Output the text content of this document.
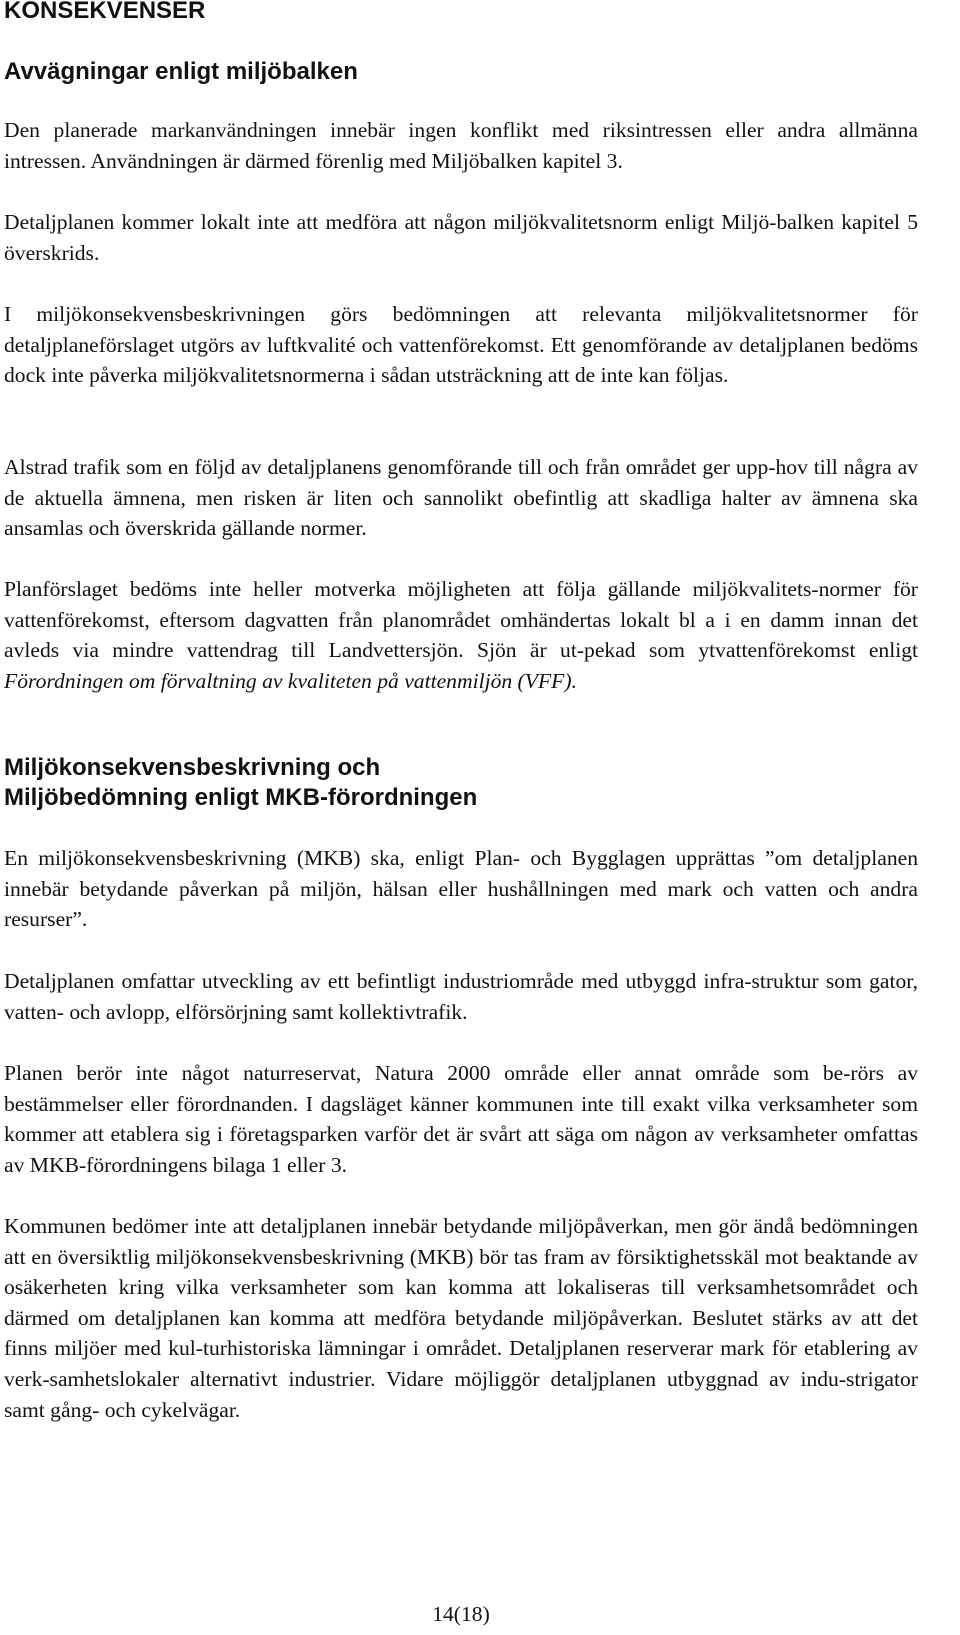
KONSEKVENSER
Avvägningar enligt miljöbalken

Den planerade markanvändningen innebär ingen konflikt med riksintressen eller andra allmänna intressen. Användningen är därmed förenlig med Miljöbalken kapitel 3.

Detaljplanen kommer lokalt inte att medföra att någon miljökvalitetsnorm enligt Miljö-balken kapitel 5 överskrids.

I miljökonsekvensbeskrivningen görs bedömningen att relevanta miljökvalitetsnormer för detaljplaneförslaget utgörs av luftkvalité och vattenförekomst. Ett genomförande av detaljplanen bedöms dock inte påverka miljökvalitetsnormerna i sådan utsträckning att de inte kan följas.

Alstrad trafik som en följd av detaljplanens genomförande till och från området ger upp-hov till några av de aktuella ämnena, men risken är liten och sannolikt obefintlig att skadliga halter av ämnena ska ansamlas och överskrida gällande normer.

Planförslaget bedöms inte heller motverka möjligheten att följa gällande miljökvalitets-normer för vattenförekomst, eftersom dagvatten från planområdet omhändertas lokalt bl a i en damm innan det avleds via mindre vattendrag till Landvettersjön. Sjön är ut-pekad som ytvattenförekomst enligt Förordningen om förvaltning av kvaliteten på vattenmiljön (VFF).

Miljökonsekvensbeskrivning och
Miljöbedömning enligt MKB-förordningen

En miljökonsekvensbeskrivning (MKB) ska, enligt Plan- och Bygglagen upprättas ”om detaljplanen innebär betydande påverkan på miljön, hälsan eller hushållningen med mark och vatten och andra resurser”.

Detaljplanen omfattar utveckling av ett befintligt industriområde med utbyggd infra-struktur som gator, vatten- och avlopp, elförsörjning samt kollektivtrafik.

Planen berör inte något naturreservat, Natura 2000 område eller annat område som be-rörs av bestämmelser eller förordnanden. I dagsläget känner kommunen inte till exakt vilka verksamheter som kommer att etablera sig i företagsparken varför det är svårt att säga om någon av verksamheter omfattas av MKB-förordningens bilaga 1 eller 3.

Kommunen bedömer inte att detaljplanen innebär betydande miljöpåverkan, men gör ändå bedömningen att en översiktlig miljökonsekvensbeskrivning (MKB) bör tas fram av försiktighetsskäl mot beaktande av osäkerheten kring vilka verksamheter som kan komma att lokaliseras till verksamhetsområdet och därmed om detaljplanen kan komma att medföra betydande miljöpåverkan. Beslutet stärks av att det finns miljöer med kul-turhistoriska lämningar i området. Detaljplanen reserverar mark för etablering av verk-samhetslokaler alternativt industrier. Vidare möjliggör detaljplanen utbyggnad av indu-strigator samt gång- och cykelvägar.

14(18)
